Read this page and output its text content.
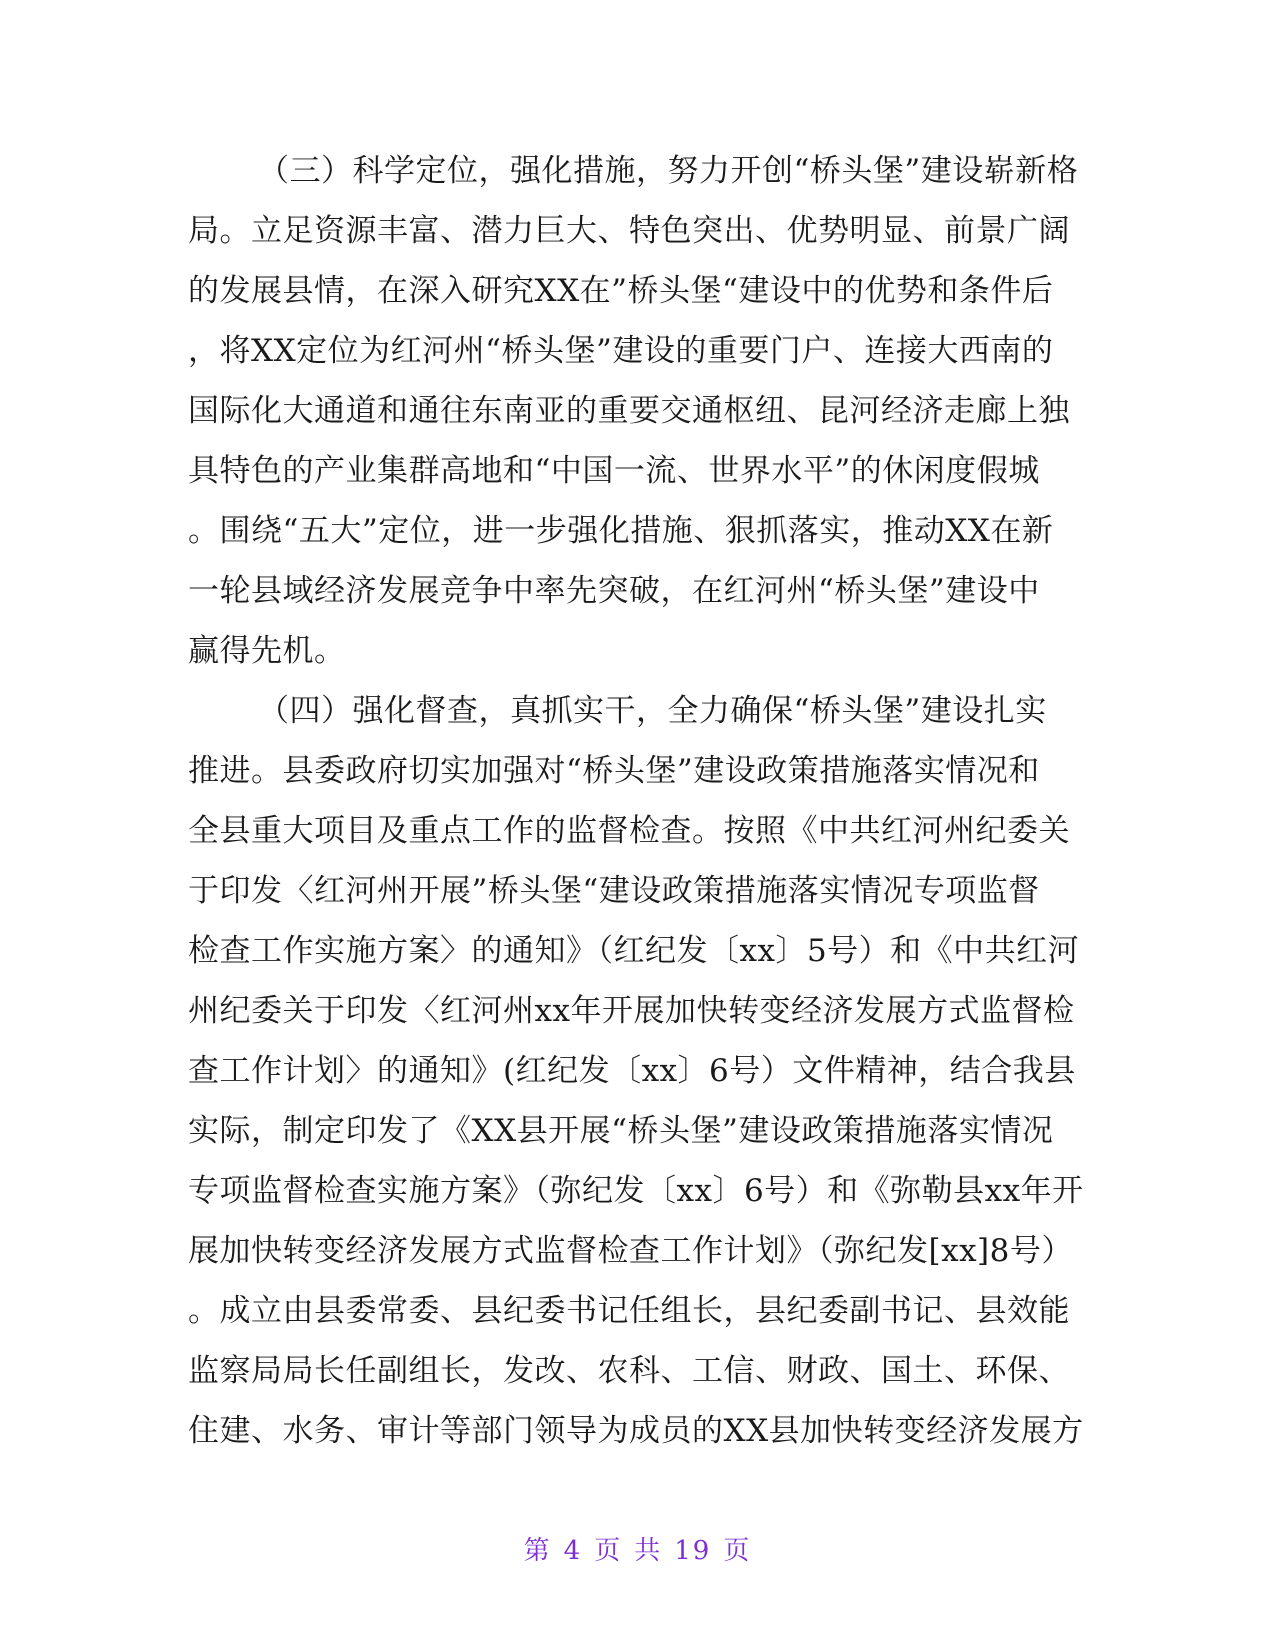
（三）科学定位，强化措施，努力开创“桥头堡”建设崭新格
局。立足资源丰富、潜力巨大、特色突出、优势明显、前景广阔
的发展县情，在深入研究XX在”桥头堡“建设中的优势和条件后
，将XX定位为红河州“桥头堡”建设的重要门户、连接大西南的
国际化大通道和通往东南亚的重要交通枢纽、昆河经济走廊上独
具特色的产业集群高地和“中国一流、世界水平”的休闲度假城
。围绕“五大”定位，进一步强化措施、狠抓落实，推动XX在新
一轮县域经济发展竞争中率先突破，在红河州“桥头堡”建设中
赢得先机。
（四）强化督查，真抓实干，全力确保“桥头堡”建设扎实
推进。县委政府切实加强对“桥头堡”建设政策措施落实情况和
全县重大项目及重点工作的监督检查。按照《中共红河州纪委关
于印发〈红河州开展”桥头堡“建设政策措施落实情况专项监督
检查工作实施方案〉的通知》（红纪发〔xx〕5号）和《中共红河
州纪委关于印发〈红河州xx年开展加快转变经济发展方式监督检
查工作计划〉的通知》(红纪发〔xx〕6号）文件精神，结合我县
实际，制定印发了《XX县开展“桥头堡”建设政策措施落实情况
专项监督检查实施方案》（弥纪发〔xx〕6号）和《弥勒县xx年开
展加快转变经济发展方式监督检查工作计划》（弥纪发[xx]8号）
。成立由县委常委、县纪委书记任组长，县纪委副书记、县效能
监察局局长任副组长，发改、农科、工信、财政、国土、环保、
住建、水务、审计等部门领导为成员的XX县加快转变经济发展方
第 4 页 共 19 页
